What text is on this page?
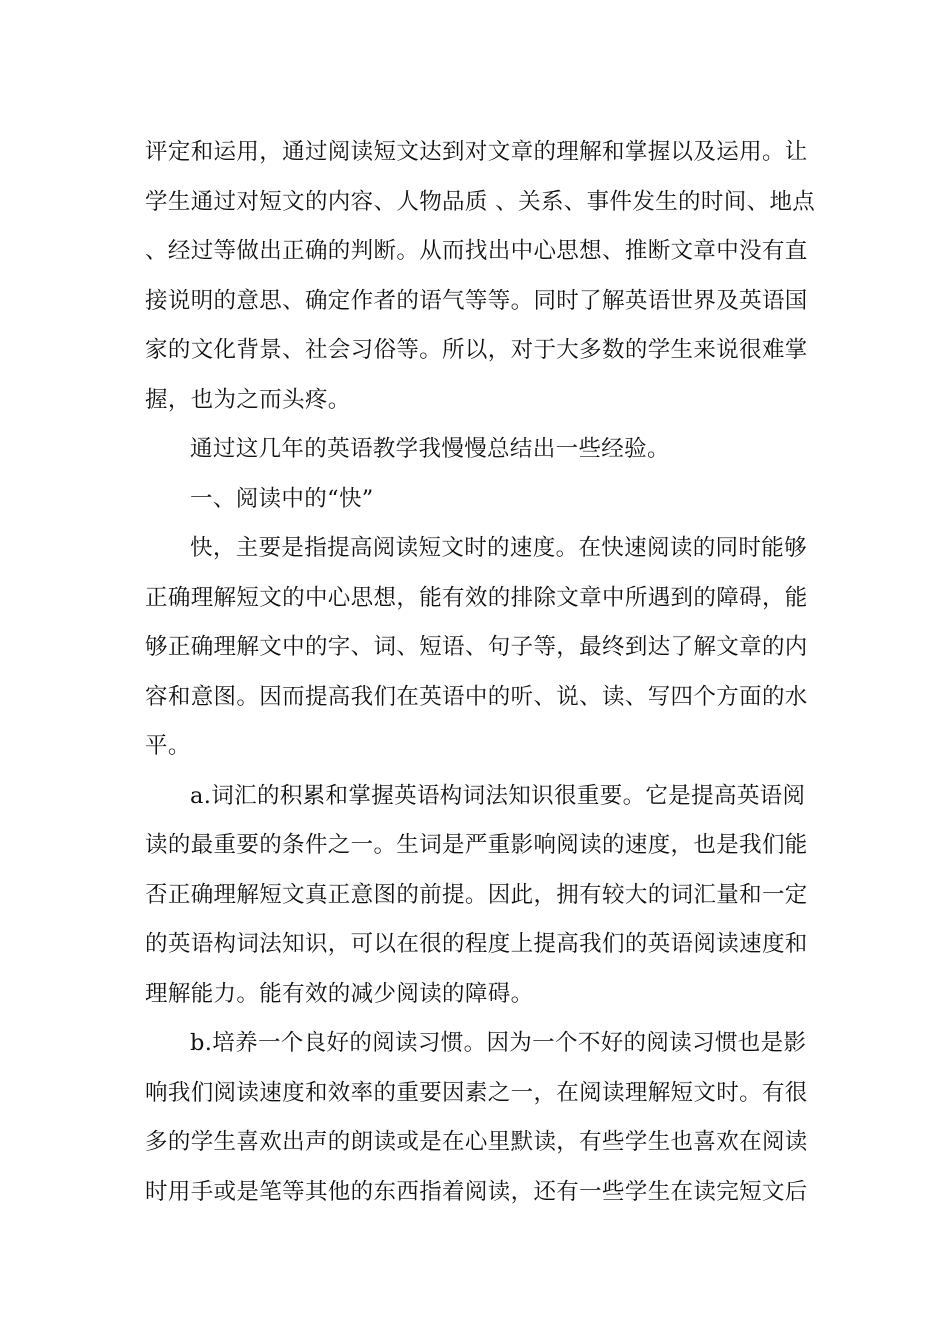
评定和运用，通过阅读短文达到对文章的理解和掌握以及运用。让
学生通过对短文的内容、人物品质 、关系、事件发生的时间、地点
、经过等做出正确的判断。从而找出中心思想、推断文章中没有直
接说明的意思、确定作者的语气等等。同时了解英语世界及英语国
家的文化背景、社会习俗等。所以，对于大多数的学生来说很难掌
握，也为之而头疼。
通过这几年的英语教学我慢慢总结出一些经验。
一、阅读中的“快”
快，主要是指提高阅读短文时的速度。在快速阅读的同时能够
正确理解短文的中心思想，能有效的排除文章中所遇到的障碍，能
够正确理解文中的字、词、短语、句子等，最终到达了解文章的内
容和意图。因而提高我们在英语中的听、说、读、写四个方面的水
平。
a.词汇的积累和掌握英语构词法知识很重要。它是提高英语阅
读的最重要的条件之一。生词是严重影响阅读的速度，也是我们能
否正确理解短文真正意图的前提。因此，拥有较大的词汇量和一定
的英语构词法知识，可以在很的程度上提高我们的英语阅读速度和
理解能力。能有效的减少阅读的障碍。
b.培养一个良好的阅读习惯。因为一个不好的阅读习惯也是影
响我们阅读速度和效率的重要因素之一，在阅读理解短文时。有很
多的学生喜欢出声的朗读或是在心里默读，有些学生也喜欢在阅读
时用手或是笔等其他的东西指着阅读，还有一些学生在读完短文后
